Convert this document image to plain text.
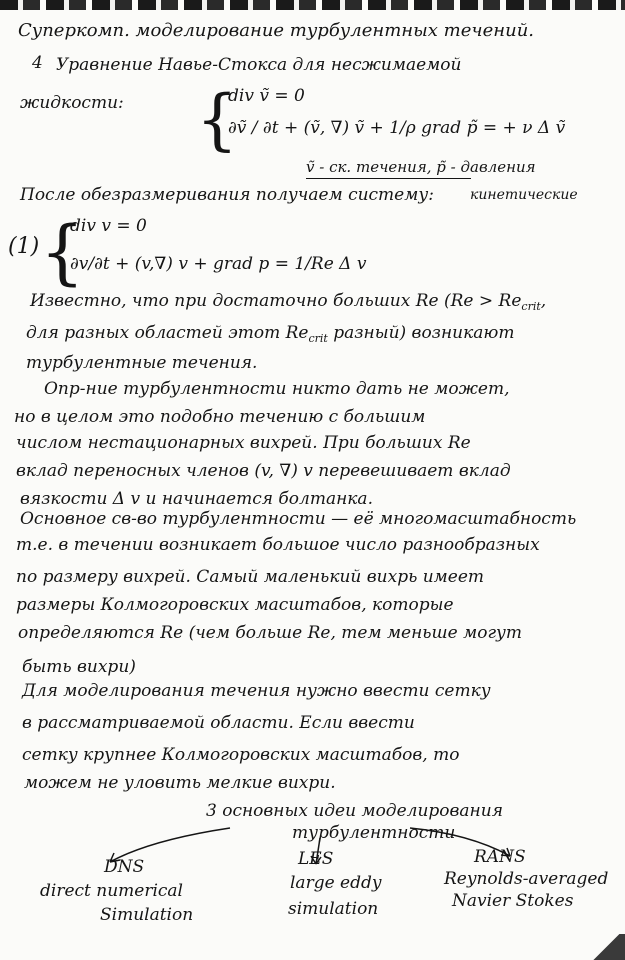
Суперкомп. моделирование турбулентных течений.
4 Уравнение Навье-Стокса для несжимаемой
жидкости: {
div ṽ = 0
∂ṽ / ∂t + (ṽ, ∇) ṽ + 1/ρ grad p̃ = + ν Δ ṽ
ṽ - ск. течения, p̃ - давления
После обезразмеривания получаем систему:	кинетические
(1) {
div v = 0
∂v/∂t + (v,∇) v + grad p = 1/Re Δ v
Известно, что при достаточно больших Re ($Re > Re_{crit}$,
для разных областей этот $Re_{crit}$ разный) возникают
турбулентные течения.
Опр-ние турбулентности никто дать не может,
но в целом это подобно течению с большим
числом нестационарных вихрей. При больших Re
вклад переносных членов (v, ∇) v перевешивает вклад
вязкости Δ v и начинается болтанка.
Основное св-во турбулентности — её многомасштабность
т.е. в течении возникает большое число разнообразных
по размеру вихрей. Самый маленький вихрь имеет
размеры Колмогоровских масштабов, которые
определяются Re (чем больше Re, тем меньше могут
быть вихри)
Для моделирования течения нужно ввести сетку
в рассматриваемой области. Если ввести
сетку крупнее Колмогоровских масштабов, то
можем не уловить мелкие вихри.
3 основных идеи моделирования
турбулентности
DNS
direct numerical
Simulation
LES
large eddy
simulation
RANS
Reynolds-averaged
Navier Stokes
